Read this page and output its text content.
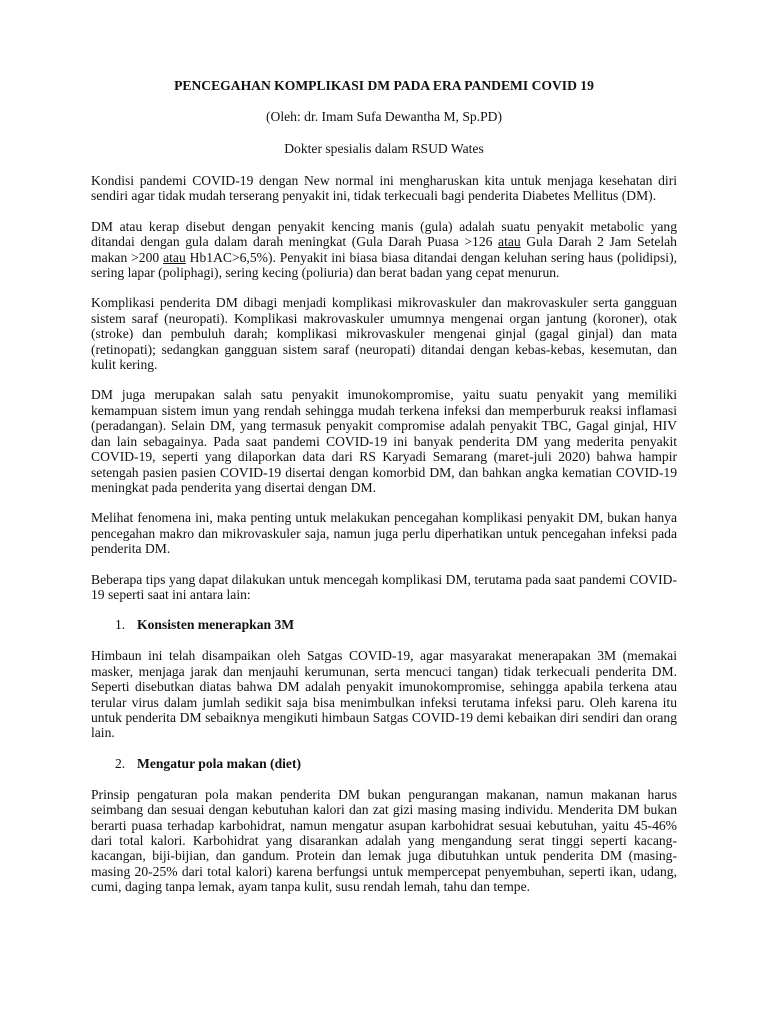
PENCEGAHAN KOMPLIKASI DM PADA ERA PANDEMI COVID 19
(Oleh: dr. Imam Sufa Dewantha M, Sp.PD)
Dokter spesialis dalam RSUD Wates

Kondisi pandemi COVID-19 dengan New normal ini mengharuskan kita untuk menjaga kesehatan diri sendiri agar tidak mudah terserang penyakit ini, tidak terkecuali bagi penderita Diabetes Mellitus (DM).

DM atau kerap disebut dengan penyakit kencing manis (gula) adalah suatu penyakit metabolic yang ditandai dengan gula dalam darah meningkat (Gula Darah Puasa >126 atau Gula Darah 2 Jam Setelah makan >200 atau Hb1AC>6,5%). Penyakit ini biasa biasa ditandai dengan keluhan sering haus (polidipsi), sering lapar (poliphagi), sering kecing (poliuria) dan berat badan yang cepat menurun.

Komplikasi penderita DM dibagi menjadi komplikasi mikrovaskuler dan makrovaskuler serta gangguan sistem saraf (neuropati). Komplikasi makrovaskuler umumnya mengenai organ jantung (koroner), otak (stroke) dan pembuluh darah; komplikasi mikrovaskuler mengenai ginjal (gagal ginjal) dan mata (retinopati); sedangkan gangguan sistem saraf (neuropati) ditandai dengan kebas-kebas, kesemutan, dan kulit kering.

DM juga merupakan salah satu penyakit imunokompromise, yaitu suatu penyakit yang memiliki kemampuan sistem imun yang rendah sehingga mudah terkena infeksi dan memperburuk reaksi inflamasi (peradangan). Selain DM, yang termasuk penyakit compromise adalah penyakit TBC, Gagal ginjal, HIV dan lain sebagainya. Pada saat pandemi COVID-19 ini banyak penderita DM yang mederita penyakit COVID-19, seperti yang dilaporkan data dari RS Karyadi Semarang (maret-juli 2020) bahwa hampir setengah pasien pasien COVID-19 disertai dengan komorbid DM, dan bahkan angka kematian COVID-19 meningkat pada penderita yang disertai dengan DM.

Melihat fenomena ini, maka penting untuk melakukan pencegahan komplikasi penyakit DM, bukan hanya pencegahan makro dan mikrovaskuler saja, namun juga perlu diperhatikan untuk pencegahan infeksi pada penderita DM.

Beberapa tips yang dapat dilakukan untuk mencegah komplikasi DM, terutama pada saat pandemi COVID-19 seperti saat ini antara lain:

1. Konsisten menerapkan 3M

Himbaun ini telah disampaikan oleh Satgas COVID-19, agar masyarakat menerapakan 3M (memakai masker, menjaga jarak dan menjauhi kerumunan, serta mencuci tangan) tidak terkecuali penderita DM. Seperti disebutkan diatas bahwa DM adalah penyakit imunokompromise, sehingga apabila terkena atau terular virus dalam jumlah sedikit saja bisa menimbulkan infeksi terutama infeksi paru. Oleh karena itu untuk penderita DM sebaiknya mengikuti himbaun Satgas COVID-19 demi kebaikan diri sendiri dan orang lain.

2. Mengatur pola makan (diet)

Prinsip pengaturan pola makan penderita DM bukan pengurangan makanan, namun makanan harus seimbang dan sesuai dengan kebutuhan kalori dan zat gizi masing masing individu. Menderita DM bukan berarti puasa terhadap karbohidrat, namun mengatur asupan karbohidrat sesuai kebutuhan, yaitu 45-46% dari total kalori. Karbohidrat yang disarankan adalah yang mengandung serat tinggi seperti kacang-kacangan, biji-bijian, dan gandum. Protein dan lemak juga dibutuhkan untuk penderita DM (masing-masing 20-25% dari total kalori) karena berfungsi untuk mempercepat penyembuhan, seperti ikan, udang, cumi, daging tanpa lemak, ayam tanpa kulit, susu rendah lemah, tahu dan tempe.
